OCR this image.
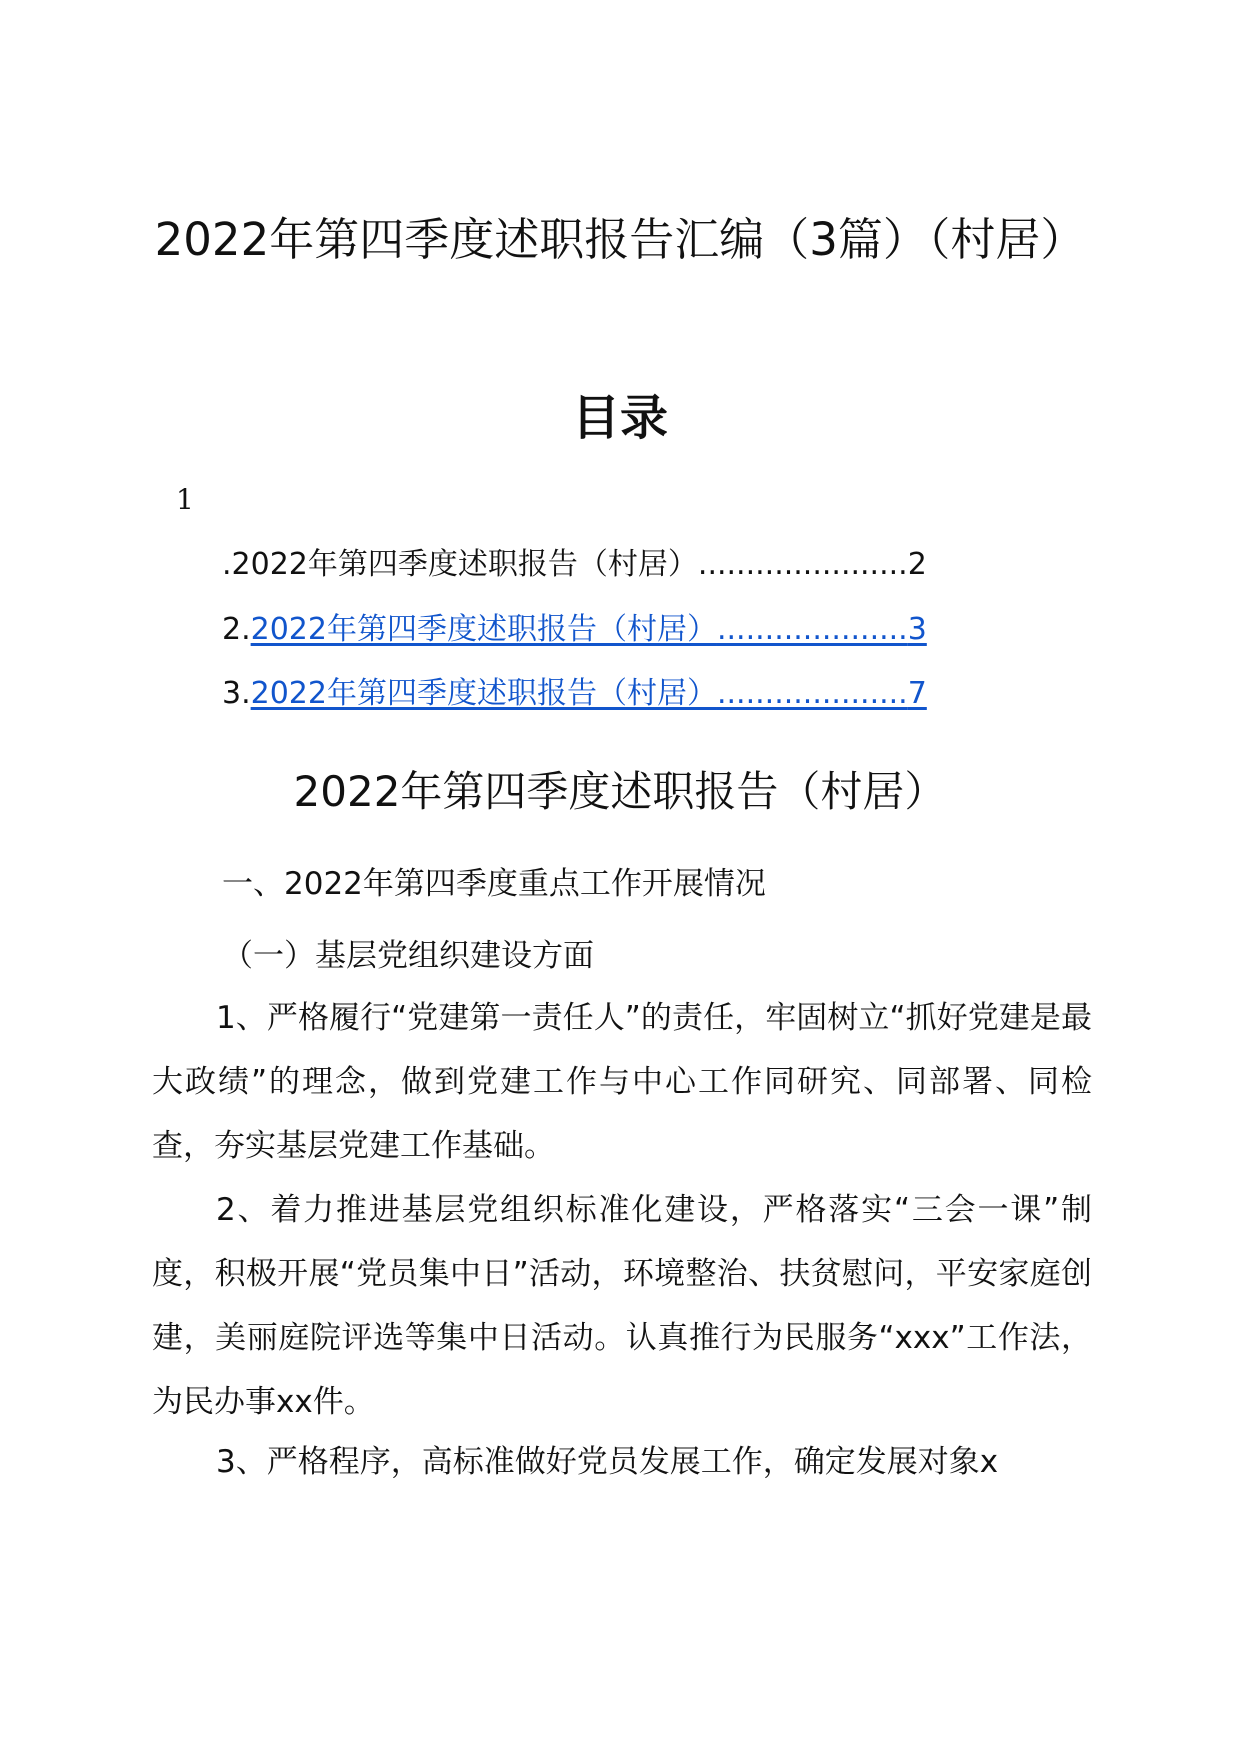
2022年第四季度述职报告汇编（3篇）（村居）
目录
1
.2022年第四季度述职报告（村居）......................2
2.2022年第四季度述职报告（村居）....................3
3.2022年第四季度述职报告（村居）....................7
2022年第四季度述职报告（村居）

一、2022年第四季度重点工作开展情况

（一）基层党组织建设方面

1、严格履行“党建第一责任人”的责任，牢固树立“抓好党建是最大政绩”的理念，做到党建工作与中心工作同研究、同部署、同检查，夯实基层党建工作基础。

2、着力推进基层党组织标准化建设，严格落实“三会一课”制度，积极开展“党员集中日”活动，环境整治、扶贫慰问，平安家庭创建，美丽庭院评选等集中日活动。认真推行为民服务“xxx”工作法，为民办事xx件。

3、严格程序，高标准做好党员发展工作，确定发展对象x
